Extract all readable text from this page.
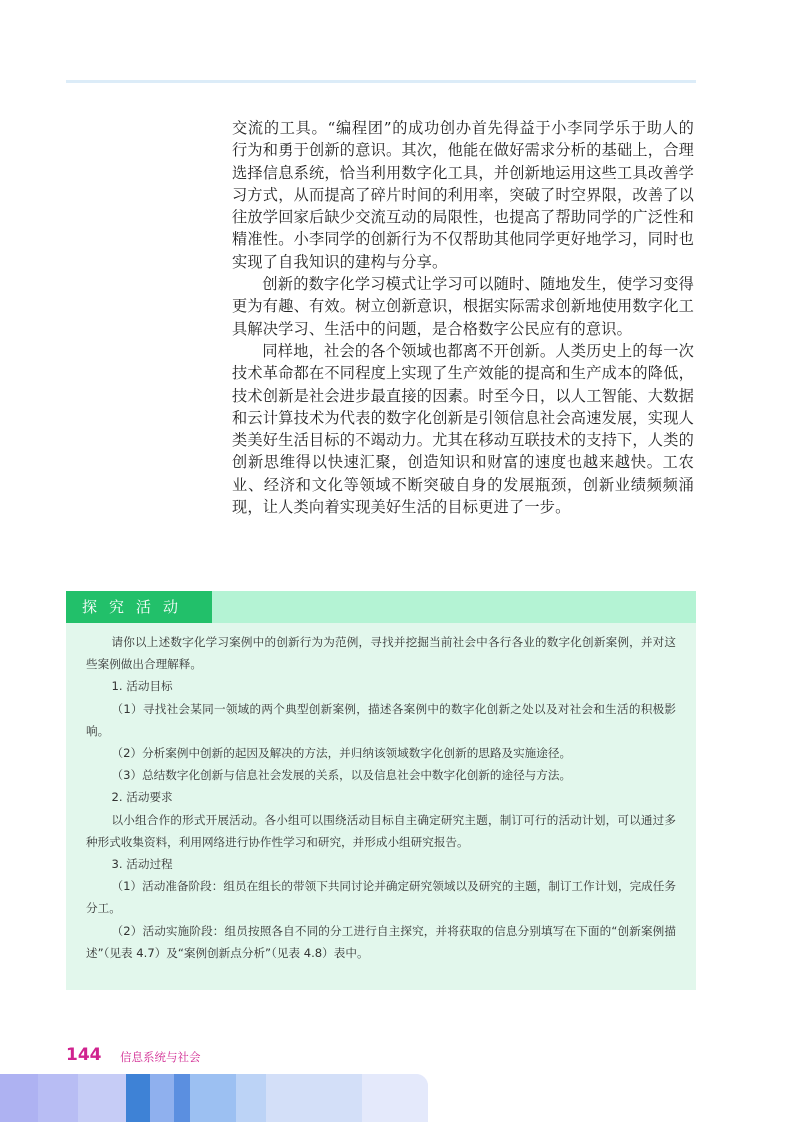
交流的工具。“编程团”的成功创办首先得益于小李同学乐于助人的行为和勇于创新的意识。其次，他能在做好需求分析的基础上，合理选择信息系统，恰当利用数字化工具，并创新地运用这些工具改善学习方式，从而提高了碎片时间的利用率，突破了时空界限，改善了以往放学回家后缺少交流互动的局限性，也提高了帮助同学的广泛性和精准性。小李同学的创新行为不仅帮助其他同学更好地学习，同时也实现了自我知识的建构与分享。

创新的数字化学习模式让学习可以随时、随地发生，使学习变得更为有趣、有效。树立创新意识，根据实际需求创新地使用数字化工具解决学习、生活中的问题，是合格数字公民应有的意识。

同样地，社会的各个领域也都离不开创新。人类历史上的每一次技术革命都在不同程度上实现了生产效能的提高和生产成本的降低，技术创新是社会进步最直接的因素。时至今日，以人工智能、大数据和云计算技术为代表的数字化创新是引领信息社会高速发展，实现人类美好生活目标的不竭动力。尤其在移动互联技术的支持下，人类的创新思维得以快速汇聚，创造知识和财富的速度也越来越快。工农业、经济和文化等领域不断突破自身的发展瓶颈，创新业绩频频涌现，让人类向着实现美好生活的目标更进了一步。

探究活动

请你以上述数字化学习案例中的创新行为为范例，寻找并挖掘当前社会中各行各业的数字化创新案例，并对这些案例做出合理解释。

1. 活动目标

（1）寻找社会某同一领域的两个典型创新案例，描述各案例中的数字化创新之处以及对社会和生活的积极影响。

（2）分析案例中创新的起因及解决的方法，并归纳该领域数字化创新的思路及实施途径。

（3）总结数字化创新与信息社会发展的关系，以及信息社会中数字化创新的途径与方法。

2. 活动要求

以小组合作的形式开展活动。各小组可以围绕活动目标自主确定研究主题，制订可行的活动计划，可以通过多种形式收集资料，利用网络进行协作性学习和研究，并形成小组研究报告。

3. 活动过程

（1）活动准备阶段：组员在组长的带领下共同讨论并确定研究领域以及研究的主题，制订工作计划，完成任务分工。

（2）活动实施阶段：组员按照各自不同的分工进行自主探究，并将获取的信息分别填写在下面的“创新案例描述”（见表 4.7）及“案例创新点分析”（见表 4.8）表中。

144 信息系统与社会
